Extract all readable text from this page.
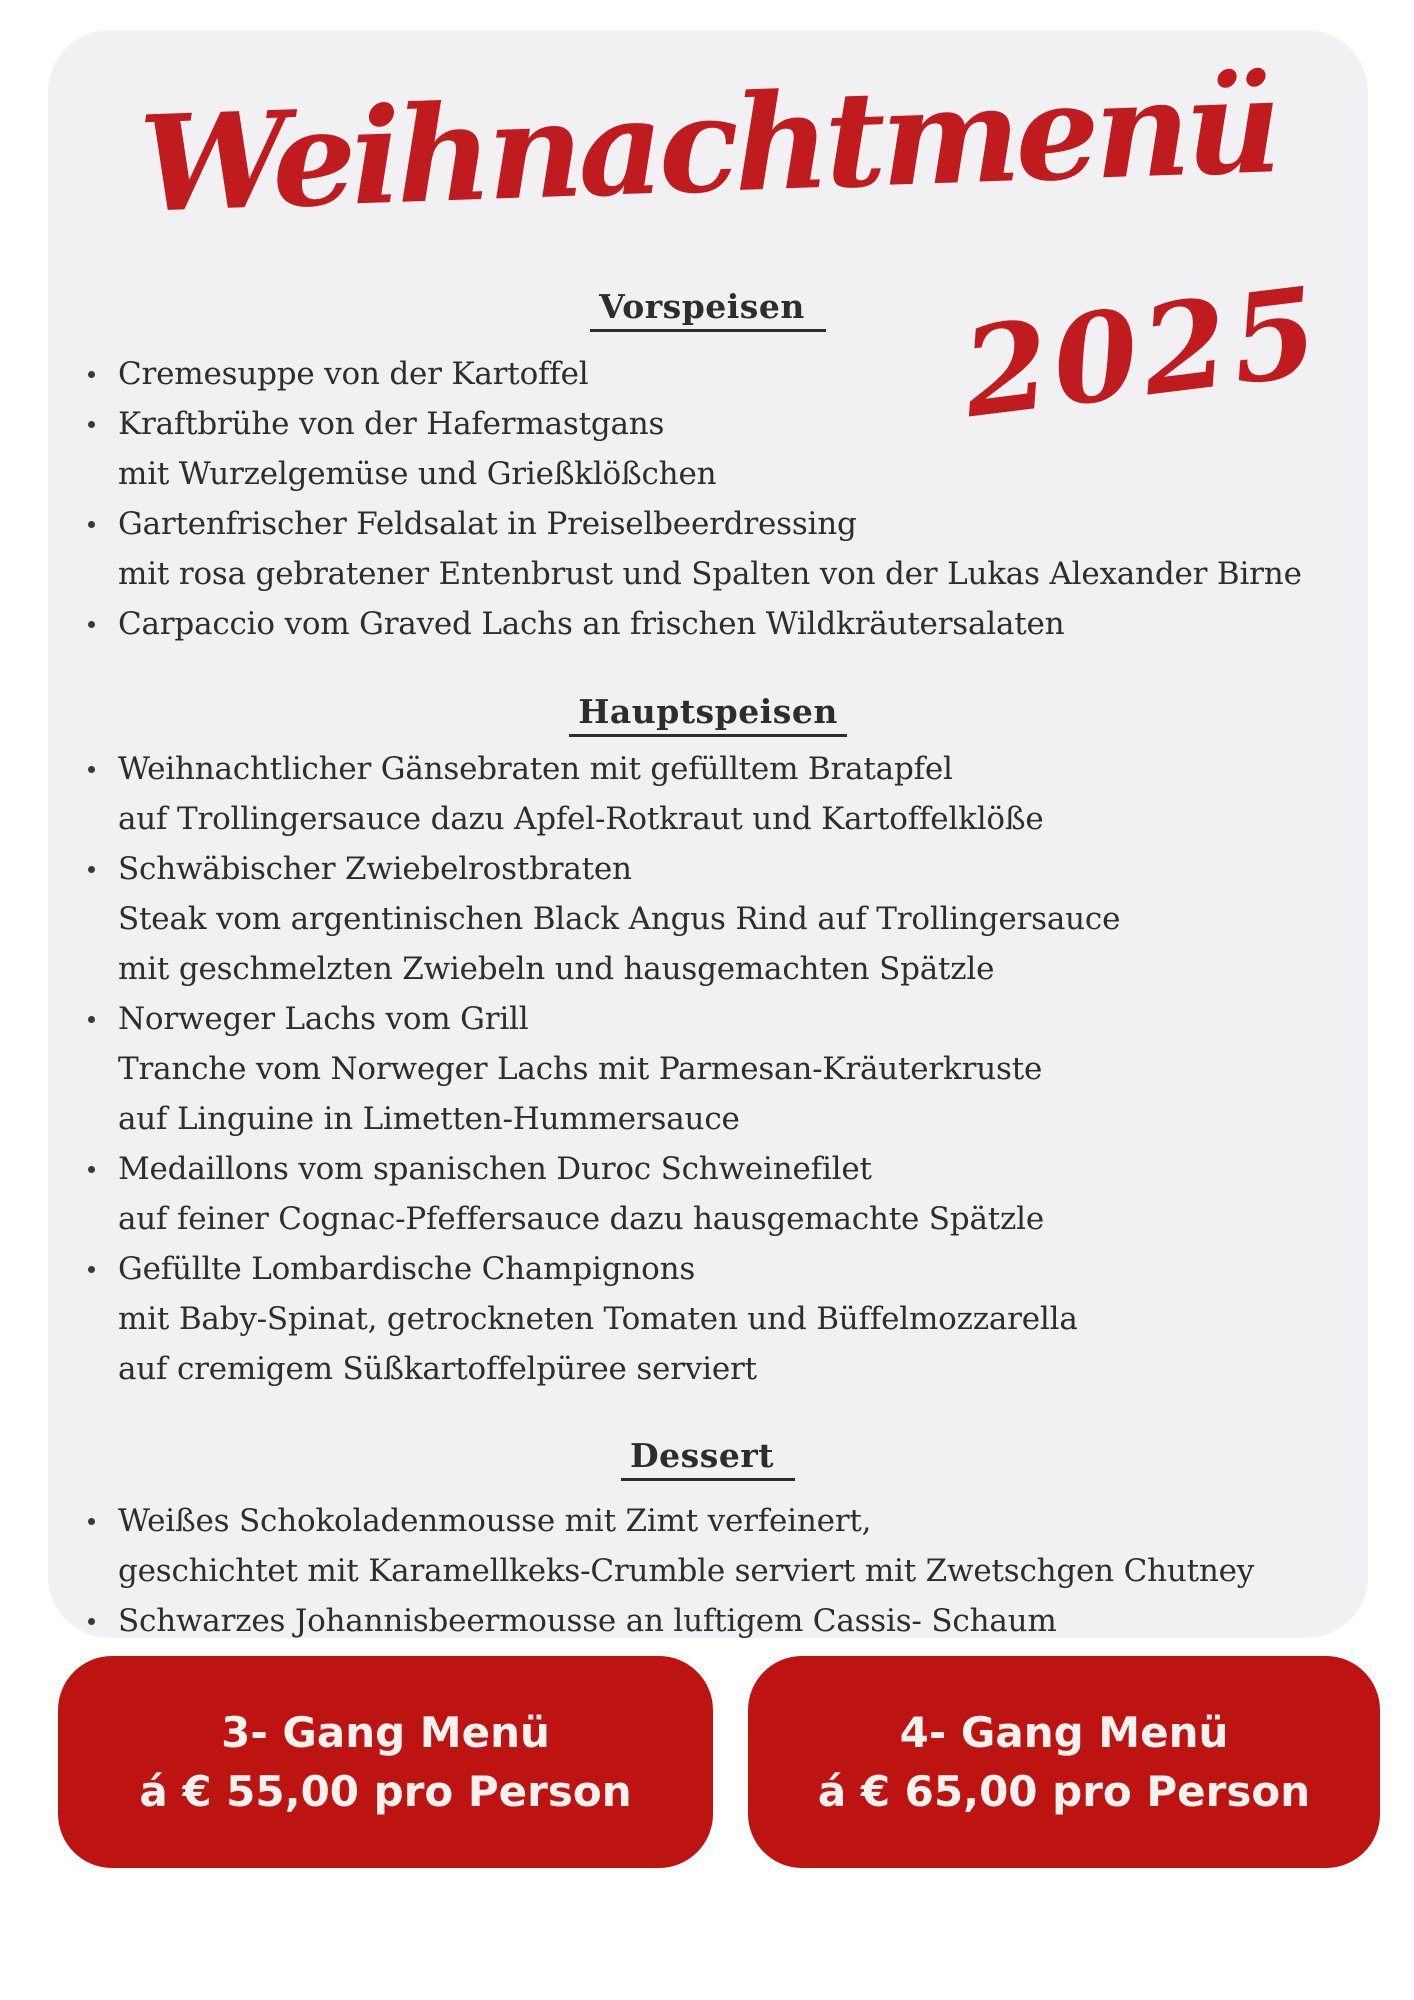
Weihnachtmenü
2025
Vorspeisen
Cremesuppe von der Kartoffel
Kraftbrühe von der Hafermastgans
mit Wurzelgemüse und Grießklößchen
Gartenfrischer Feldsalat in Preiselbeerdressing
mit rosa gebratener Entenbrust und Spalten von der Lukas Alexander Birne
Carpaccio vom Graved Lachs an frischen Wildkräutersalaten
Hauptspeisen
Weihnachtlicher Gänsebraten mit gefülltem Bratapfel
auf Trollingersauce dazu Apfel-Rotkraut und Kartoffelklöße
Schwäbischer Zwiebelrostbraten
Steak vom argentinischen Black Angus Rind auf Trollingersauce
mit geschmelzten Zwiebeln und hausgemachten Spätzle
Norweger Lachs vom Grill
Tranche vom Norweger Lachs mit Parmesan-Kräuterkruste
auf Linguine in Limetten-Hummersauce
Medaillons vom spanischen Duroc Schweinefilet
auf feiner Cognac-Pfeffersauce dazu hausgemachte Spätzle
Gefüllte Lombardische Champignons
mit Baby-Spinat, getrockneten Tomaten und Büffelmozzarella
auf cremigem Süßkartoffelpüree serviert
Dessert
Weißes Schokoladenmousse mit Zimt verfeinert,
geschichtet mit Karamellkeks-Crumble serviert mit Zwetschgen Chutney
Schwarzes Johannisbeermousse an luftigem Cassis- Schaum
3- Gang Menü
á € 55,00 pro Person
4- Gang Menü
á € 65,00 pro Person
